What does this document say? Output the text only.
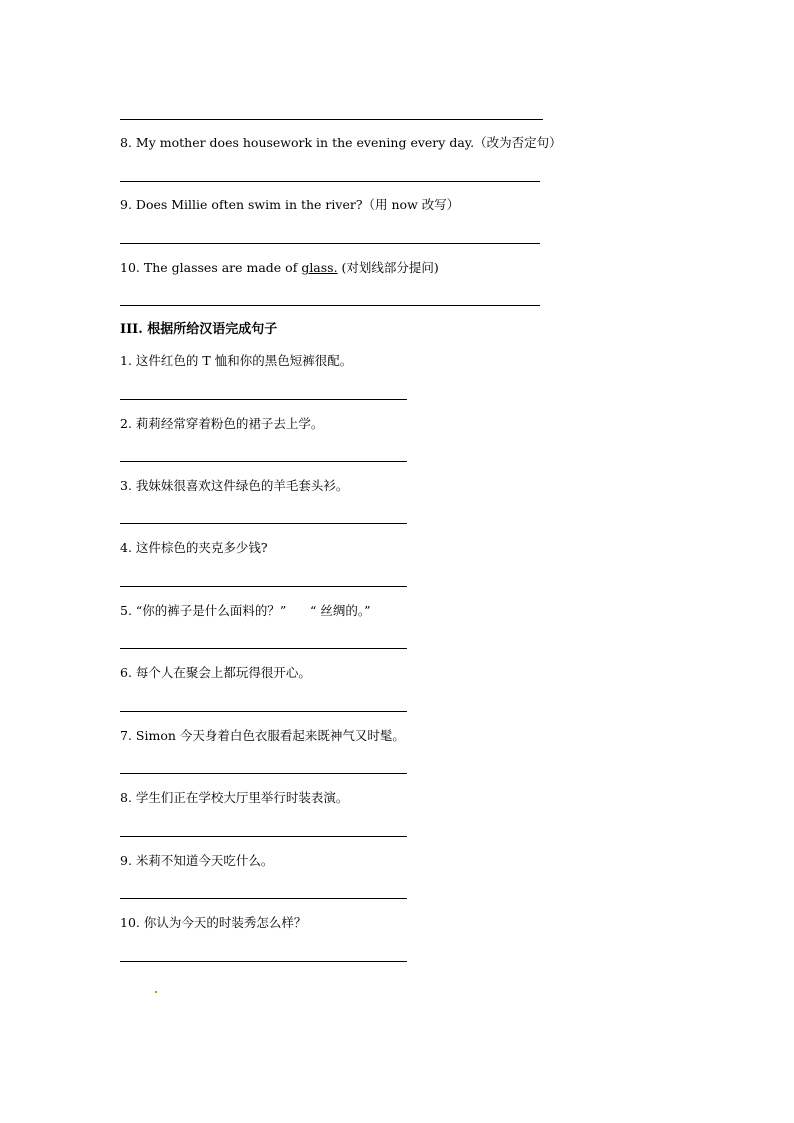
8. My mother does housework in the evening every day.（改为否定句）
9. Does Millie often swim in the river?（用 now 改写）
10. The glasses are made of glass. (对划线部分提问)
III. 根据所给汉语完成句子
1. 这件红色的 T 恤和你的黑色短裤很配。
2. 莉莉经常穿着粉色的裙子去上学。
3. 我妹妹很喜欢这件绿色的羊毛套头衫。
4. 这件棕色的夹克多少钱?
5. “你的裤子是什么面料的？”      “ 丝绸的。”
6. 每个人在聚会上都玩得很开心。
7. Simon 今天身着白色衣服看起来既神气又时髦。
8. 学生们正在学校大厅里举行时装表演。
9. 米莉不知道今天吃什么。
10. 你认为今天的时装秀怎么样？
